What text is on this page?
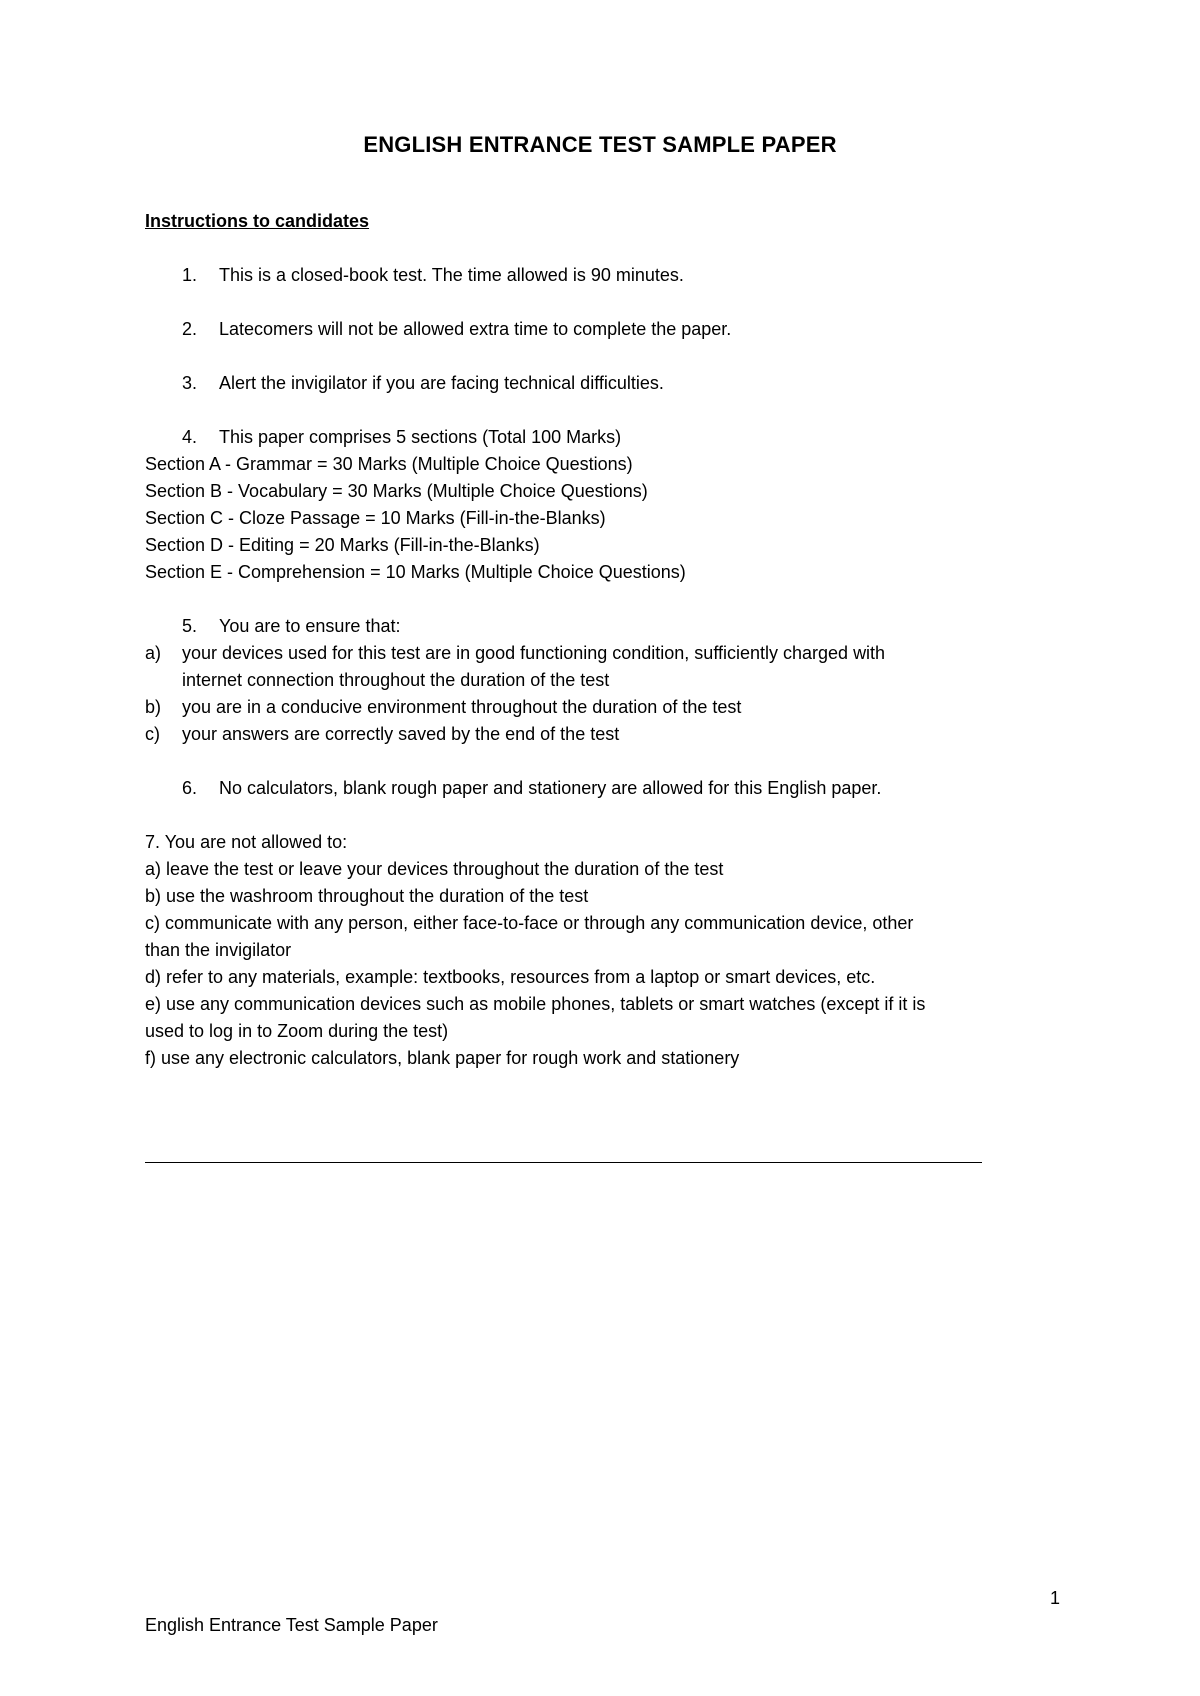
ENGLISH ENTRANCE TEST SAMPLE PAPER
Instructions to candidates
1.	This is a closed-book test. The time allowed is 90 minutes.
2.	Latecomers will not be allowed extra time to complete the paper.
3.	Alert the invigilator if you are facing technical difficulties.
4.	This paper comprises 5 sections (Total 100 Marks)
Section A - Grammar = 30 Marks (Multiple Choice Questions)
Section B - Vocabulary = 30 Marks (Multiple Choice Questions)
Section C - Cloze Passage = 10 Marks (Fill-in-the-Blanks)
Section D - Editing = 20 Marks (Fill-in-the-Blanks)
Section E - Comprehension = 10 Marks (Multiple Choice Questions)
5.	You are to ensure that:
a)	your devices used for this test are in good functioning condition, sufficiently charged with internet connection throughout the duration of the test
b)	you are in a conducive environment throughout the duration of the test
c)	your answers are correctly saved by the end of the test
6.	No calculators, blank rough paper and stationery are allowed for this English paper.
7. You are not allowed to:
a) leave the test or leave your devices throughout the duration of the test
b) use the washroom throughout the duration of the test
c) communicate with any person, either face-to-face or through any communication device, other than the invigilator
d) refer to any materials, example: textbooks, resources from a laptop or smart devices, etc.
e) use any communication devices such as mobile phones, tablets or smart watches (except if it is used to log in to Zoom during the test)
f) use any electronic calculators, blank paper for rough work and stationery
1
English Entrance Test Sample Paper
